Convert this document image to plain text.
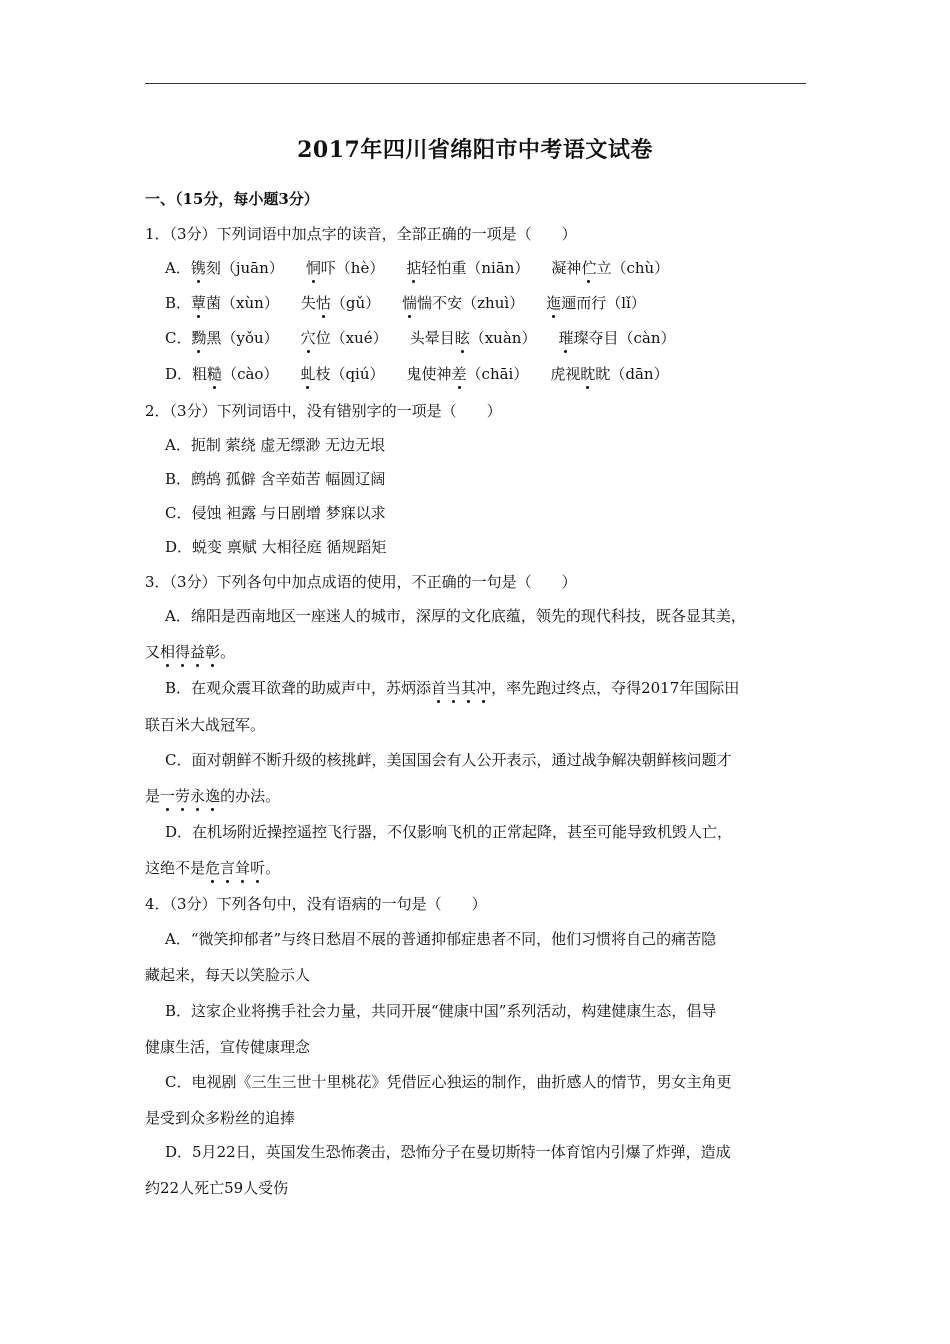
2017年四川省绵阳市中考语文试卷
一、（15分，每小题3分）
1．（3分）下列词语中加点字的读音，全部正确的一项是（　　）
A．镌
刻（juān） 恫
吓（hè） 掂
轻怕重（niān） 凝神伫
立（chù）
B．蕈
菌（xùn） 失怙
（gǔ） 惴
惴不安（zhuì） 迤
逦而行（lǐ）
C．黝
黑（yǒu） 穴
位（xué） 头晕目眩
（xuàn） 璀
璨夺目（càn）
D．粗糙
（cào） 虬
枝（qiú） 鬼使神差
（chāi） 虎视眈
眈（dān）
2．（3分）下列词语中，没有错别字的一项是（　　）
A．扼制 萦绕 虚无缥渺 无边无垠
B．鹧鸪 孤僻 含辛茹苦 幅圆辽阔
C．侵蚀 袒露 与日剧增 梦寐以求
D．蜕变 禀赋 大相径庭 循规蹈矩
3．（3分）下列各句中加点成语的使用，不正确的一句是（　　）
A．绵阳是西南地区一座迷人的城市，深厚的文化底蕴，领先的现代科技，既各显其美，
又相
得
益
彰
。
B．在观众震耳欲聋的助威声中，苏炳添首
当
其
冲
，率先跑过终点，夺得2017年国际田
联百米大战冠军。
C．面对朝鲜不断升级的核挑衅，美国国会有人公开表示，通过战争解决朝鲜核问题才
是一
劳
永
逸
的办法。
D．在机场附近操控遥控飞行器，不仅影响飞机的正常起降，甚至可能导致机毁人亡，
这绝不是危
言
耸
听
。
4．（3分）下列各句中，没有语病的一句是（　　）
A．“微笑抑郁者”与终日愁眉不展的普通抑郁症患者不同，他们习惯将自己的痛苦隐
藏起来，每天以笑脸示人
B．这家企业将携手社会力量，共同开展“健康中国”系列活动，构建健康生态，倡导
健康生活，宣传健康理念
C．电视剧《三生三世十里桃花》凭借匠心独运的制作，曲折感人的情节，男女主角更
是受到众多粉丝的追捧
D．5月22日，英国发生恐怖袭击，恐怖分子在曼切斯特一体育馆内引爆了炸弹，造成
约22人死亡59人受伤
